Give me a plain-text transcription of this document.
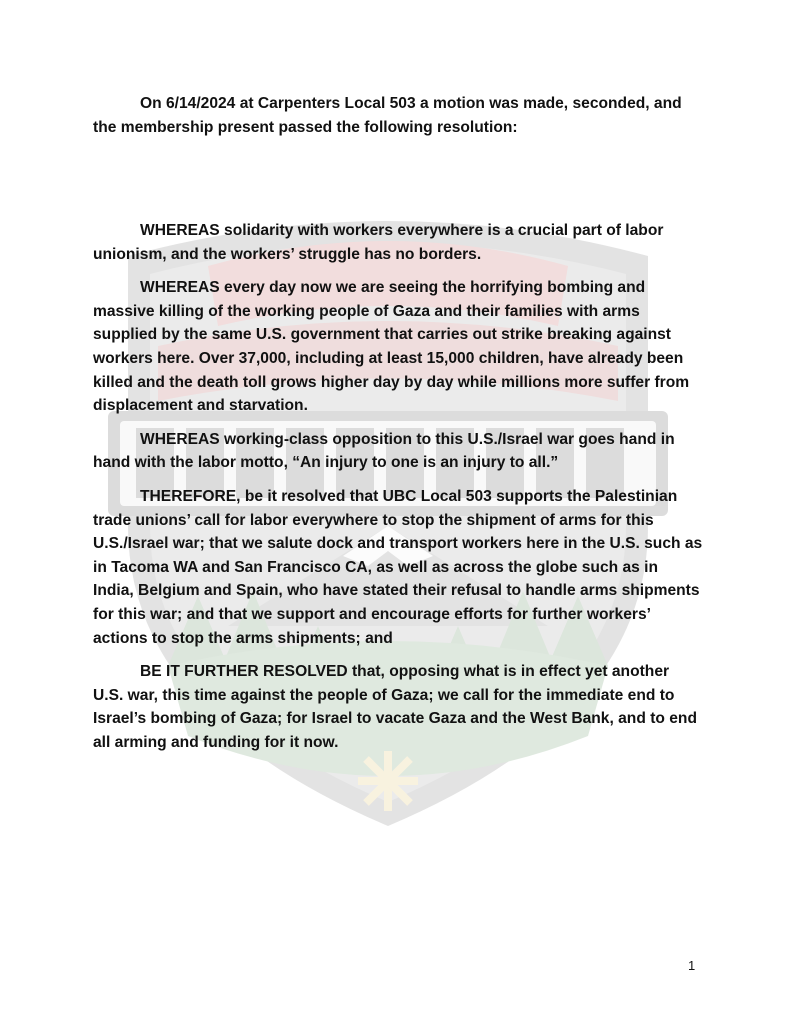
On 6/14/2024 at Carpenters Local 503 a motion was made, seconded, and the membership present passed the following resolution:

WHEREAS solidarity with workers everywhere is a crucial part of labor unionism, and the workers’ struggle has no borders.

WHEREAS every day now we are seeing the horrifying bombing and massive killing of the working people of Gaza and their families with arms supplied by the same U.S. government that carries out strike breaking against workers here. Over 37,000, including at least 15,000 children, have already been killed and the death toll grows higher day by day while millions more suffer from displacement and starvation.

WHEREAS working-class opposition to this U.S./Israel war goes hand in hand with the labor motto, “An injury to one is an injury to all.”

THEREFORE, be it resolved that UBC Local 503 supports the Palestinian trade unions’ call for labor everywhere to stop the shipment of arms for this U.S./Israel war; that we salute dock and transport workers here in the U.S. such as in Tacoma WA and San Francisco CA, as well as across the globe such as in India, Belgium and Spain, who have stated their refusal to handle arms shipments for this war; and that we support and encourage efforts for further workers’ actions to stop the arms shipments; and

BE IT FURTHER RESOLVED that, opposing what is in effect yet another U.S. war, this time against the people of Gaza; we call for the immediate end to Israel’s bombing of Gaza; for Israel to vacate Gaza and the West Bank, and to end all arming and funding for it now.

1
